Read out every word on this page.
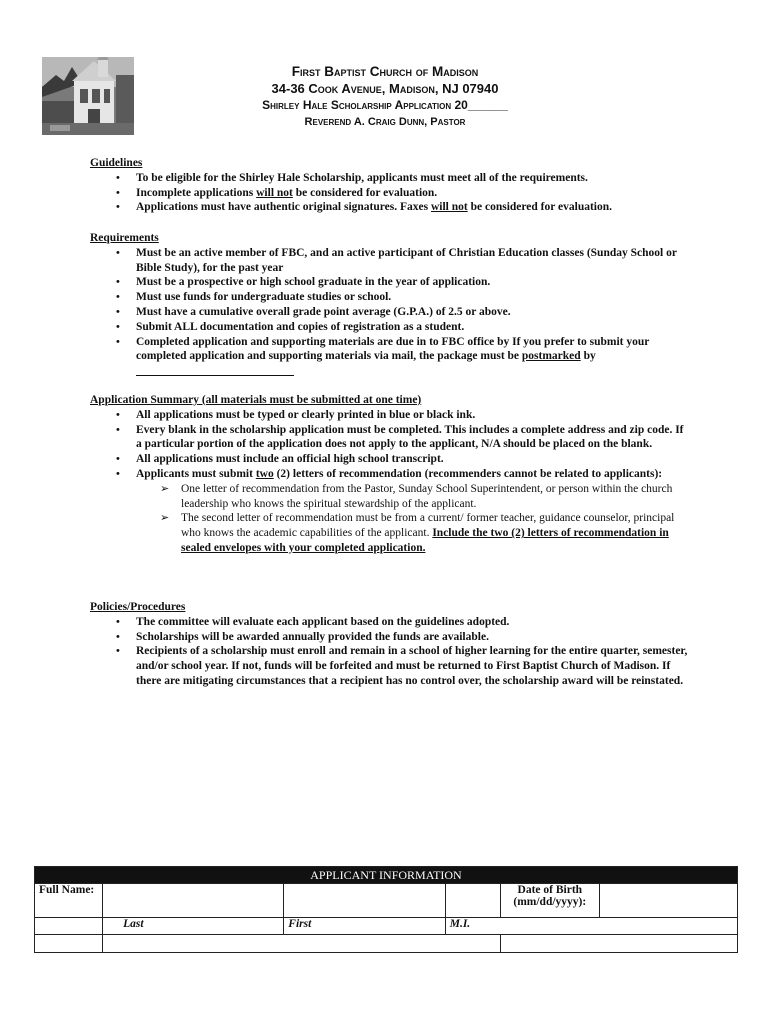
First Baptist Church of Madison
34-36 Cook Avenue, Madison, NJ 07940
Shirley Hale Scholarship Application 20______
Reverend A. Craig Dunn, Pastor
Guidelines
• To be eligible for the Shirley Hale Scholarship, applicants must meet all of the requirements.
• Incomplete applications will not be considered for evaluation.
• Applications must have authentic original signatures. Faxes will not be considered for evaluation.
Requirements
• Must be an active member of FBC, and an active participant of Christian Education classes (Sunday School or Bible Study), for the past year
• Must be a prospective or high school graduate in the year of application.
• Must use funds for undergraduate studies or school.
• Must have a cumulative overall grade point average (G.P.A.) of 2.5 or above.
• Submit ALL documentation and copies of registration as a student.
• Completed application and supporting materials are due in to FBC office by If you prefer to submit your completed application and supporting materials via mail, the package must be postmarked by

Application Summary (all materials must be submitted at one time)
• All applications must be typed or clearly printed in blue or black ink.
• Every blank in the scholarship application must be completed. This includes a complete address and zip code. If a particular portion of the application does not apply to the applicant, N/A should be placed on the blank.
• All applications must include an official high school transcript.
• Applicants must submit two (2) letters of recommendation (recommenders cannot be related to applicants):
➢ One letter of recommendation from the Pastor, Sunday School Superintendent, or person within the church leadership who knows the spiritual stewardship of the applicant.
➢ The second letter of recommendation must be from a current/ former teacher, guidance counselor, principal who knows the academic capabilities of the applicant. Include the two (2) letters of recommendation in sealed envelopes with your completed application.
Policies/Procedures
• The committee will evaluate each applicant based on the guidelines adopted.
• Scholarships will be awarded annually provided the funds are available.
• Recipients of a scholarship must enroll and remain in a school of higher learning for the entire quarter, semester, and/or school year. If not, funds will be forfeited and must be returned to First Baptist Church of Madison. If there are mitigating circumstances that a recipient has no control over, the scholarship award will be reinstated.
APPLICANT INFORMATION					
Full Name:				Date of Birth (mm/dd/yyyy):	
	Last	First	M.I.		
